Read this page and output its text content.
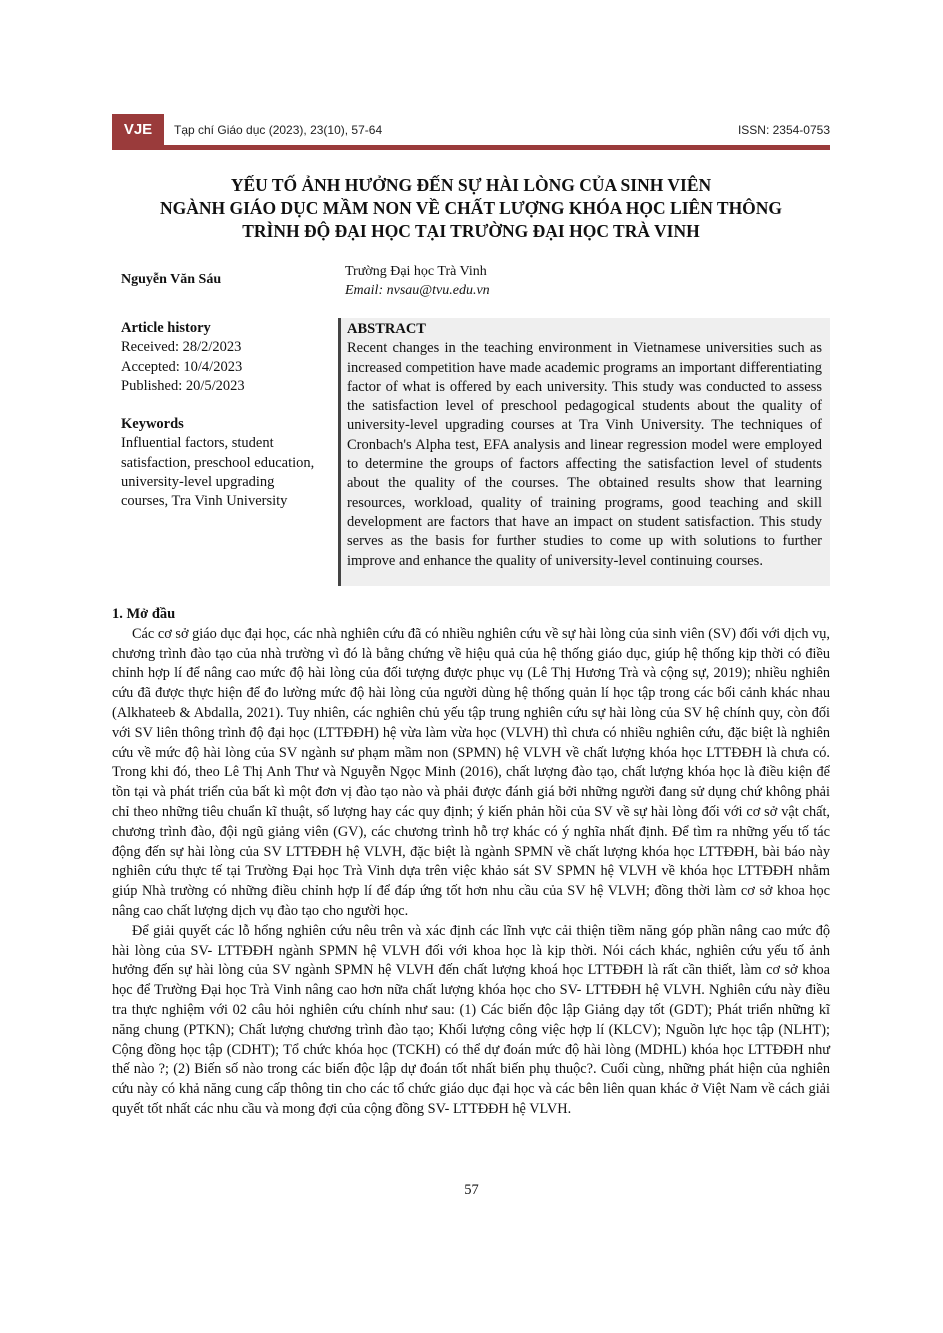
VJE	Tạp chí Giáo dục (2023), 23(10), 57-64	ISSN: 2354-0753
YẾU TỐ ẢNH HƯỞNG ĐẾN SỰ HÀI LÒNG CỦA SINH VIÊN
NGÀNH GIÁO DỤC MẦM NON VỀ CHẤT LƯỢNG KHÓA HỌC LIÊN THÔNG
TRÌNH ĐỘ ĐẠI HỌC TẠI TRƯỜNG ĐẠI HỌC TRÀ VINH
Nguyễn Văn Sáu
Trường Đại học Trà Vinh
Email: nvsau@tvu.edu.vn
Article history
Received: 28/2/2023
Accepted: 10/4/2023
Published: 20/5/2023
Keywords
Influential factors, student satisfaction, preschool education, university-level upgrading courses, Tra Vinh University
ABSTRACT
Recent changes in the teaching environment in Vietnamese universities such as increased competition have made academic programs an important differentiating factor of what is offered by each university. This study was conducted to assess the satisfaction level of preschool pedagogical students about the quality of university-level upgrading courses at Tra Vinh University. The techniques of Cronbach's Alpha test, EFA analysis and linear regression model were employed to determine the groups of factors affecting the satisfaction level of students about the quality of the courses. The obtained results show that learning resources, workload, quality of training programs, good teaching and skill development are factors that have an impact on student satisfaction. This study serves as the basis for further studies to come up with solutions to further improve and enhance the quality of university-level continuing courses.
1. Mở đầu

Các cơ sở giáo dục đại học, các nhà nghiên cứu đã có nhiều nghiên cứu về sự hài lòng của sinh viên (SV) đối với dịch vụ, chương trình đào tạo của nhà trường vì đó là bằng chứng về hiệu quả của hệ thống giáo dục, giúp hệ thống kịp thời có điều chỉnh hợp lí để nâng cao mức độ hài lòng của đối tượng được phục vụ (Lê Thị Hương Trà và cộng sự, 2019); nhiều nghiên cứu đã được thực hiện để đo lường mức độ hài lòng của người dùng hệ thống quản lí học tập trong các bối cảnh khác nhau (Alkhateeb & Abdalla, 2021). Tuy nhiên, các nghiên chủ yếu tập trung nghiên cứu sự hài lòng của SV hệ chính quy, còn đối với SV liên thông trình độ đại học (LTTĐĐH) hệ vừa làm vừa học (VLVH) thì chưa có nhiều nghiên cứu, đặc biệt là nghiên cứu về mức độ hài lòng của SV ngành sư phạm mầm non (SPMN) hệ VLVH về chất lượng khóa học LTTĐĐH là chưa có. Trong khi đó, theo Lê Thị Anh Thư và Nguyễn Ngọc Minh (2016), chất lượng đào tạo, chất lượng khóa học là điều kiện để tồn tại và phát triển của bất kì một đơn vị đào tạo nào và phải được đánh giá bởi những người đang sử dụng chứ không phải chỉ theo những tiêu chuẩn kĩ thuật, số lượng hay các quy định; ý kiến phản hồi của SV về sự hài lòng đối với cơ sở vật chất, chương trình đào, đội ngũ giảng viên (GV), các chương trình hỗ trợ khác có ý nghĩa nhất định. Để tìm ra những yếu tố tác động đến sự hài lòng của SV LTTĐĐH hệ VLVH, đặc biệt là ngành SPMN về chất lượng khóa học LTTĐĐH, bài báo này nghiên cứu thực tế tại Trường Đại học Trà Vinh dựa trên việc khảo sát SV SPMN hệ VLVH về khóa học LTTĐĐH nhằm giúp Nhà trường có những điều chỉnh hợp lí để đáp ứng tốt hơn nhu cầu của SV hệ VLVH; đồng thời làm cơ sở khoa học nâng cao chất lượng dịch vụ đào tạo cho người học.

Để giải quyết các lỗ hổng nghiên cứu nêu trên và xác định các lĩnh vực cải thiện tiềm năng góp phần nâng cao mức độ hài lòng của SV- LTTĐĐH ngành SPMN hệ VLVH đối với khoa học là kịp thời. Nói cách khác, nghiên cứu yếu tố ảnh hưởng đến sự hài lòng của SV ngành SPMN hệ VLVH đến chất lượng khoá học LTTĐĐH là rất cần thiết, làm cơ sở khoa học để Trường Đại học Trà Vinh nâng cao hơn nữa chất lượng khóa học cho SV- LTTĐĐH hệ VLVH. Nghiên cứu này điều tra thực nghiệm với 02 câu hỏi nghiên cứu chính như sau: (1) Các biến độc lập Giảng dạy tốt (GDT); Phát triển những kĩ năng chung (PTKN); Chất lượng chương trình đào tạo; Khối lượng công việc hợp lí (KLCV); Nguồn lực học tập (NLHT); Cộng đồng học tập (CDHT); Tổ chức khóa học (TCKH) có thể dự đoán mức độ hài lòng (MDHL) khóa học LTTĐĐH như thế nào ?; (2) Biến số nào trong các biến độc lập dự đoán tốt nhất biến phụ thuộc?. Cuối cùng, những phát hiện của nghiên cứu này có khả năng cung cấp thông tin cho các tổ chức giáo dục đại học và các bên liên quan khác ở Việt Nam về cách giải quyết tốt nhất các nhu cầu và mong đợi của cộng đồng SV- LTTĐĐH hệ VLVH.

57
